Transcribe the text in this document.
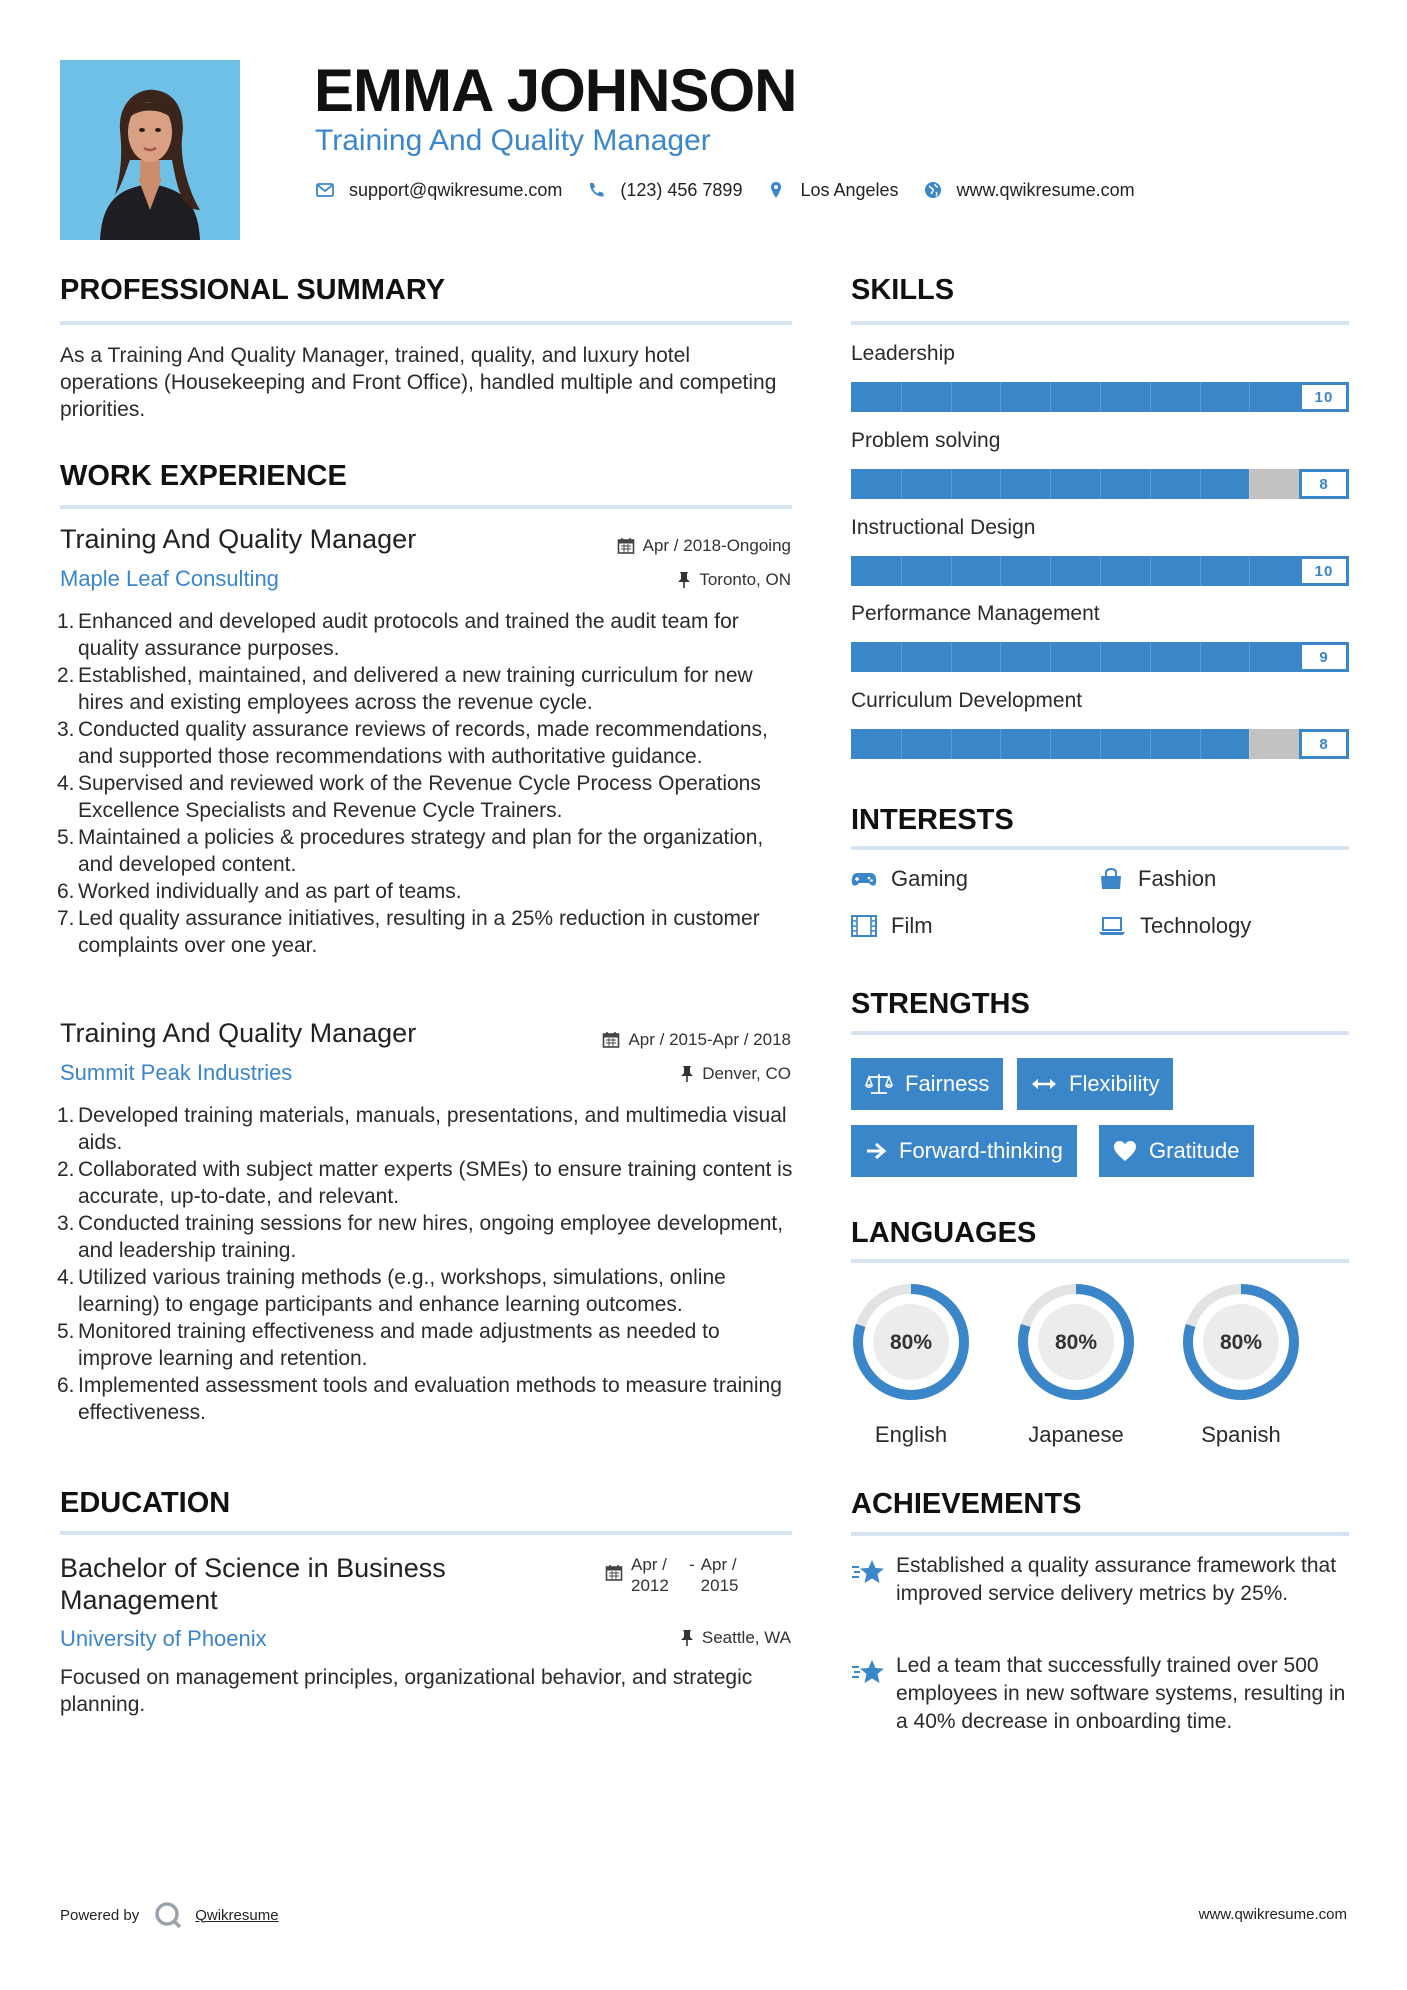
EMMA JOHNSON
Training And Quality Manager
support@qwikresume.com	(123) 456 7899	Los Angeles	www.qwikresume.com
PROFESSIONAL SUMMARY
As a Training And Quality Manager, trained, quality, and luxury hotel operations (Housekeeping and Front Office), handled multiple and competing priorities.
WORK EXPERIENCE
Training And Quality Manager	Apr / 2018-Ongoing
Maple Leaf Consulting	Toronto, ON
1. Enhanced and developed audit protocols and trained the audit team for quality assurance purposes.
2. Established, maintained, and delivered a new training curriculum for new hires and existing employees across the revenue cycle.
3. Conducted quality assurance reviews of records, made recommendations, and supported those recommendations with authoritative guidance.
4. Supervised and reviewed work of the Revenue Cycle Process Operations Excellence Specialists and Revenue Cycle Trainers.
5. Maintained a policies & procedures strategy and plan for the organization, and developed content.
6. Worked individually and as part of teams.
7. Led quality assurance initiatives, resulting in a 25% reduction in customer complaints over one year.
Training And Quality Manager	Apr / 2015-Apr / 2018
Summit Peak Industries	Denver, CO
1. Developed training materials, manuals, presentations, and multimedia visual aids.
2. Collaborated with subject matter experts (SMEs) to ensure training content is accurate, up-to-date, and relevant.
3. Conducted training sessions for new hires, ongoing employee development, and leadership training.
4. Utilized various training methods (e.g., workshops, simulations, online learning) to engage participants and enhance learning outcomes.
5. Monitored training effectiveness and made adjustments as needed to improve learning and retention.
6. Implemented assessment tools and evaluation methods to measure training effectiveness.
EDUCATION
Bachelor of Science in Business Management
Apr / 2012
- Apr / 2015
University of Phoenix	Seattle, WA
Focused on management principles, organizational behavior, and strategic planning.
SKILLS
Leadership
10
Problem solving
8
Instructional Design
10
Performance Management
9
Curriculum Development
8
INTERESTS
Gaming	Fashion
Film	Technology
STRENGTHS
Fairness	Flexibility
Forward-thinking	Gratitude
LANGUAGES
80%
English
80%
Japanese
80%
Spanish
ACHIEVEMENTS
Established a quality assurance framework that improved service delivery metrics by 25%.
Led a team that successfully trained over 500 employees in new software systems, resulting in a 40% decrease in onboarding time.
Powered by	Qwikresume	www.qwikresume.com
